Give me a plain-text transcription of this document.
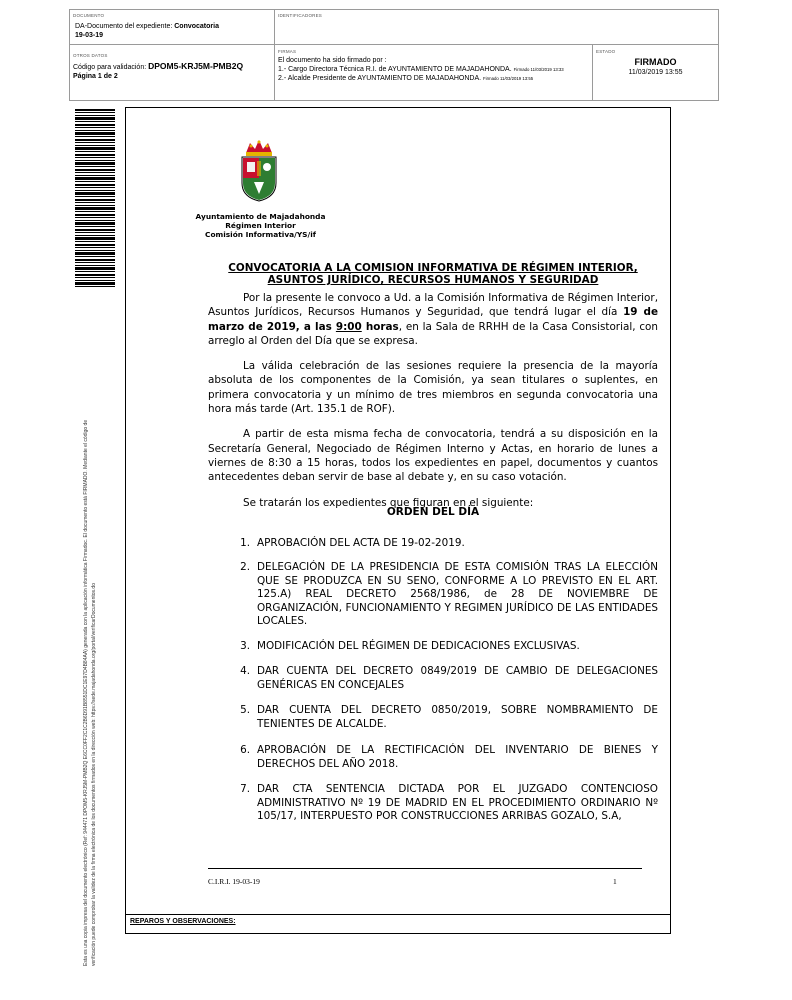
DOCUMENTO
DA-Documento del expediente: Convocatoria
19-03-19
IDENTIFICADORES
OTROS DATOS
Código para validación: DPOM5-KRJ5M-PMB2Q
Página 1 de 2
FIRMAS
El documento ha sido firmado por :
1.- Cargo Directora Técnica R.I. de AYUNTAMIENTO DE MAJADAHONDA. Firmado 11/03/2019 13:33
2.- Alcalde Presidente de AYUNTAMIENTO DE MAJADAHONDA. Firmado 11/03/2019 13:55
ESTADO
FIRMADO
11/03/2019 13:55
Esta es una copia impresa del documento electrónico (Ref: 944471 DPOM5-KRJ5M-PMB2Q E6CC0FF2C1C2B6D91B8551DC1E97D4B84AA) generada con la aplicación informática Firmadoc. El documento está FIRMADO. Mediante el código de verificación puede comprobar la validez de la firma electrónica de los documentos firmados en la dirección web: https://sede.majadahonda.org/portal/verificarDocumentos.do	REPAROS Y OBSERVACIONES:
Ayuntamiento de Majadahonda
Régimen Interior
Comisión Informativa/YS/if
CONVOCATORIA A LA COMISION INFORMATIVA DE RÉGIMEN INTERIOR,
ASUNTOS JURÍDICO, RECURSOS HUMANOS Y SEGURIDAD

Por la presente le convoco a Ud. a la Comisión Informativa de Régimen Interior, Asuntos Jurídicos, Recursos Humanos y Seguridad, que tendrá lugar el día 19 de marzo de 2019, a las 9:00 horas, en la Sala de RRHH de la Casa Consistorial, con arreglo al Orden del Día que se expresa.

La válida celebración de las sesiones requiere la presencia de la mayoría absoluta de los componentes de la Comisión, ya sean titulares o suplentes, en primera convocatoria y un mínimo de tres miembros en segunda convocatoria una hora más tarde (Art. 135.1 de ROF).

A partir de esta misma fecha de convocatoria, tendrá a su disposición en la Secretaría General, Negociado de Régimen Interno y Actas, en horario de lunes a viernes de 8:30 a 15 horas, todos los expedientes en papel, documentos y cuantos antecedentes deban servir de base al debate y, en su caso votación.

Se tratarán los expedientes que figuran en el siguiente:

ORDEN DEL DÍA
1. APROBACIÓN DEL ACTA DE 19-02-2019.
2. DELEGACIÓN DE LA PRESIDENCIA DE ESTA COMISIÓN TRAS LA ELECCIÓN QUE SE PRODUZCA EN SU SENO, CONFORME A LO PREVISTO EN EL ART. 125.A) REAL DECRETO 2568/1986, de 28 DE NOVIEMBRE DE ORGANIZACIÓN, FUNCIONAMIENTO Y REGIMEN JURÍDICO DE LAS ENTIDADES LOCALES.
3. MODIFICACIÓN DEL RÉGIMEN DE DEDICACIONES EXCLUSIVAS.
4. DAR CUENTA DEL DECRETO 0849/2019 DE CAMBIO DE DELEGACIONES GENÉRICAS EN CONCEJALES
5. DAR CUENTA DEL DECRETO 0850/2019, SOBRE NOMBRAMIENTO DE TENIENTES DE ALCALDE.
6. APROBACIÓN DE LA RECTIFICACIÓN DEL INVENTARIO DE BIENES Y DERECHOS DEL AÑO 2018.
7. DAR CTA SENTENCIA DICTADA POR EL JUZGADO CONTENCIOSO ADMINISTRATIVO Nº 19 DE MADRID EN EL PROCEDIMIENTO ORDINARIO Nº 105/17, INTERPUESTO POR CONSTRUCCIONES ARRIBAS GOZALO, S.A,
C.I.R.I. 19-03-19	1
